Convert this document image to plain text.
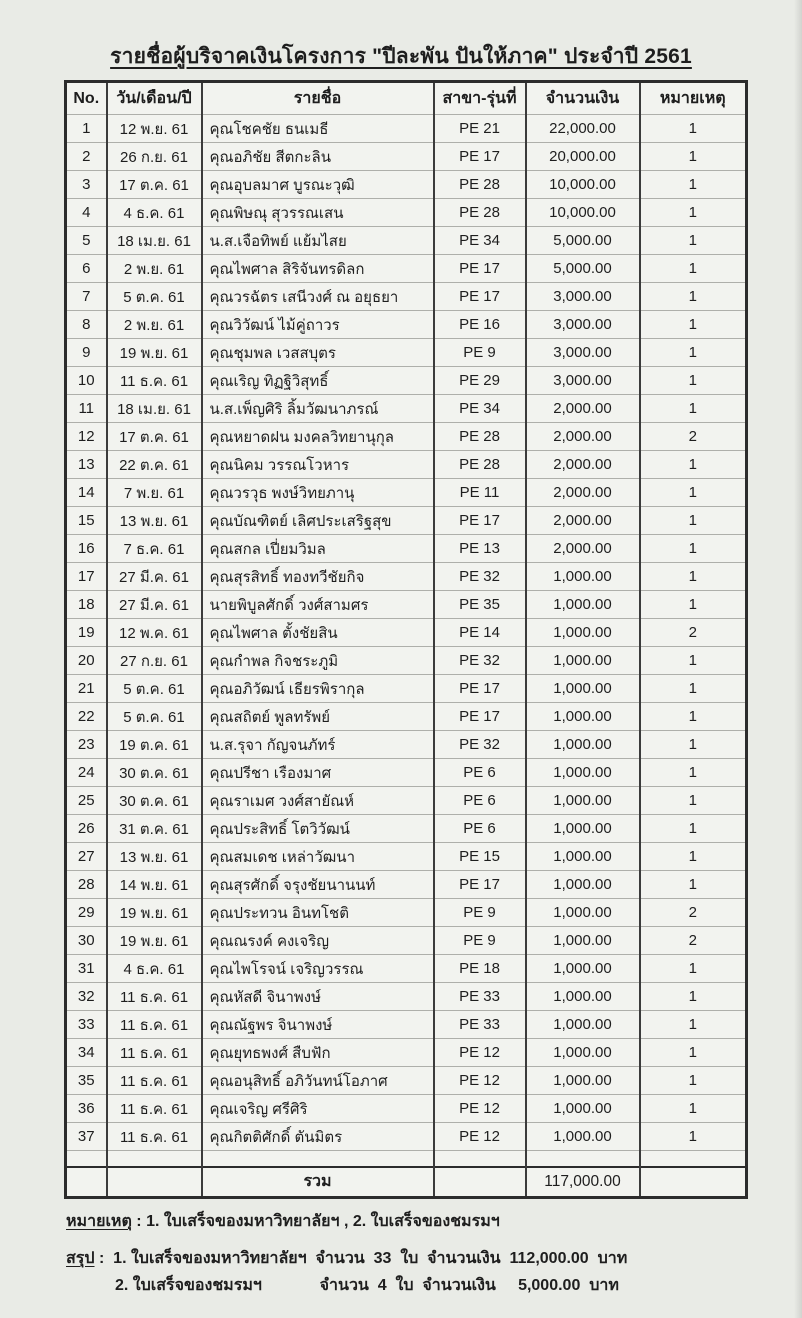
รายชื่อผู้บริจาคเงินโครงการ "ปีละพัน ปันให้ภาค" ประจำปี 2561
No.	วัน/เดือน/ปี	รายชื่อ	สาขา-รุ่นที่	จำนวนเงิน	หมายเหตุ
1	12 พ.ย. 61	คุณโชคชัย ธนเมธี	PE 21	22,000.00	1
2	26 ก.ย. 61	คุณอภิชัย สีตกะลิน	PE 17	20,000.00	1
3	17 ต.ค. 61	คุณอุบลมาศ บูรณะวุฒิ	PE 28	10,000.00	1
4	4 ธ.ค. 61	คุณพิษณุ สุวรรณเสน	PE 28	10,000.00	1
5	18 เม.ย. 61	น.ส.เจือทิพย์ แย้มไสย	PE 34	5,000.00	1
6	2 พ.ย. 61	คุณไพศาล สิริจันทรดิลก	PE 17	5,000.00	1
7	5 ต.ค. 61	คุณวรฉัตร เสนีวงศ์ ณ อยุธยา	PE 17	3,000.00	1
8	2 พ.ย. 61	คุณวิวัฒน์ ไม้คู่ถาวร	PE 16	3,000.00	1
9	19 พ.ย. 61	คุณชุมพล เวสสบุตร	PE 9	3,000.00	1
10	11 ธ.ค. 61	คุณเริญ ทิฏฐิวิสุทธิ์	PE 29	3,000.00	1
11	18 เม.ย. 61	น.ส.เพ็ญศิริ ลิ้มวัฒนาภรณ์	PE 34	2,000.00	1
12	17 ต.ค. 61	คุณหยาดฝน มงคลวิทยานุกุล	PE 28	2,000.00	2
13	22 ต.ค. 61	คุณนิคม วรรณโวหาร	PE 28	2,000.00	1
14	7 พ.ย. 61	คุณวรวุธ พงษ์วิทยภานุ	PE 11	2,000.00	1
15	13 พ.ย. 61	คุณบัณฑิตย์ เลิศประเสริฐสุข	PE 17	2,000.00	1
16	7 ธ.ค. 61	คุณสกล เปี่ยมวิมล	PE 13	2,000.00	1
17	27 มี.ค. 61	คุณสุรสิทธิ์ ทองทวีชัยกิจ	PE 32	1,000.00	1
18	27 มี.ค. 61	นายพิบูลศักดิ์ วงศ์สามศร	PE 35	1,000.00	1
19	12 พ.ค. 61	คุณไพศาล ตั้งชัยสิน	PE 14	1,000.00	2
20	27 ก.ย. 61	คุณกำพล กิจชระภูมิ	PE 32	1,000.00	1
21	5 ต.ค. 61	คุณอภิวัฒน์ เธียรพิรากุล	PE 17	1,000.00	1
22	5 ต.ค. 61	คุณสถิตย์ พูลทรัพย์	PE 17	1,000.00	1
23	19 ต.ค. 61	น.ส.รุจา กัญจนภัทร์	PE 32	1,000.00	1
24	30 ต.ค. 61	คุณปรีชา เรืองมาศ	PE 6	1,000.00	1
25	30 ต.ค. 61	คุณราเมศ วงศ์สายัณห์	PE 6	1,000.00	1
26	31 ต.ค. 61	คุณประสิทธิ์ โตวิวัฒน์	PE 6	1,000.00	1
27	13 พ.ย. 61	คุณสมเดช เหล่าวัฒนา	PE 15	1,000.00	1
28	14 พ.ย. 61	คุณสุรศักดิ์ จรุงชัยนานนท์	PE 17	1,000.00	1
29	19 พ.ย. 61	คุณประทวน อินทโชติ	PE 9	1,000.00	2
30	19 พ.ย. 61	คุณณรงค์ คงเจริญ	PE 9	1,000.00	2
31	4 ธ.ค. 61	คุณไพโรจน์ เจริญวรรณ	PE 18	1,000.00	1
32	11 ธ.ค. 61	คุณหัสดี จินาพงษ์	PE 33	1,000.00	1
33	11 ธ.ค. 61	คุณณัฐพร จินาพงษ์	PE 33	1,000.00	1
34	11 ธ.ค. 61	คุณยุทธพงศ์ สืบฟัก	PE 12	1,000.00	1
35	11 ธ.ค. 61	คุณอนุสิทธิ์ อภิวันทน์โอภาศ	PE 12	1,000.00	1
36	11 ธ.ค. 61	คุณเจริญ ศรีศิริ	PE 12	1,000.00	1
37	11 ธ.ค. 61	คุณกิตติศักดิ์ ตันมิตร	PE 12	1,000.00	1

		รวม		117,000.00	
หมายเหตุ : 1. ใบเสร็จของมหาวิทยาลัยฯ , 2. ใบเสร็จของชมรมฯ
สรุป :  1. ใบเสร็จของมหาวิทยาลัยฯ  จำนวน  33  ใบ  จำนวนเงิน  112,000.00  บาท
2. ใบเสร็จของชมรมฯ             จำนวน  4  ใบ  จำนวนเงิน     5,000.00  บาท
